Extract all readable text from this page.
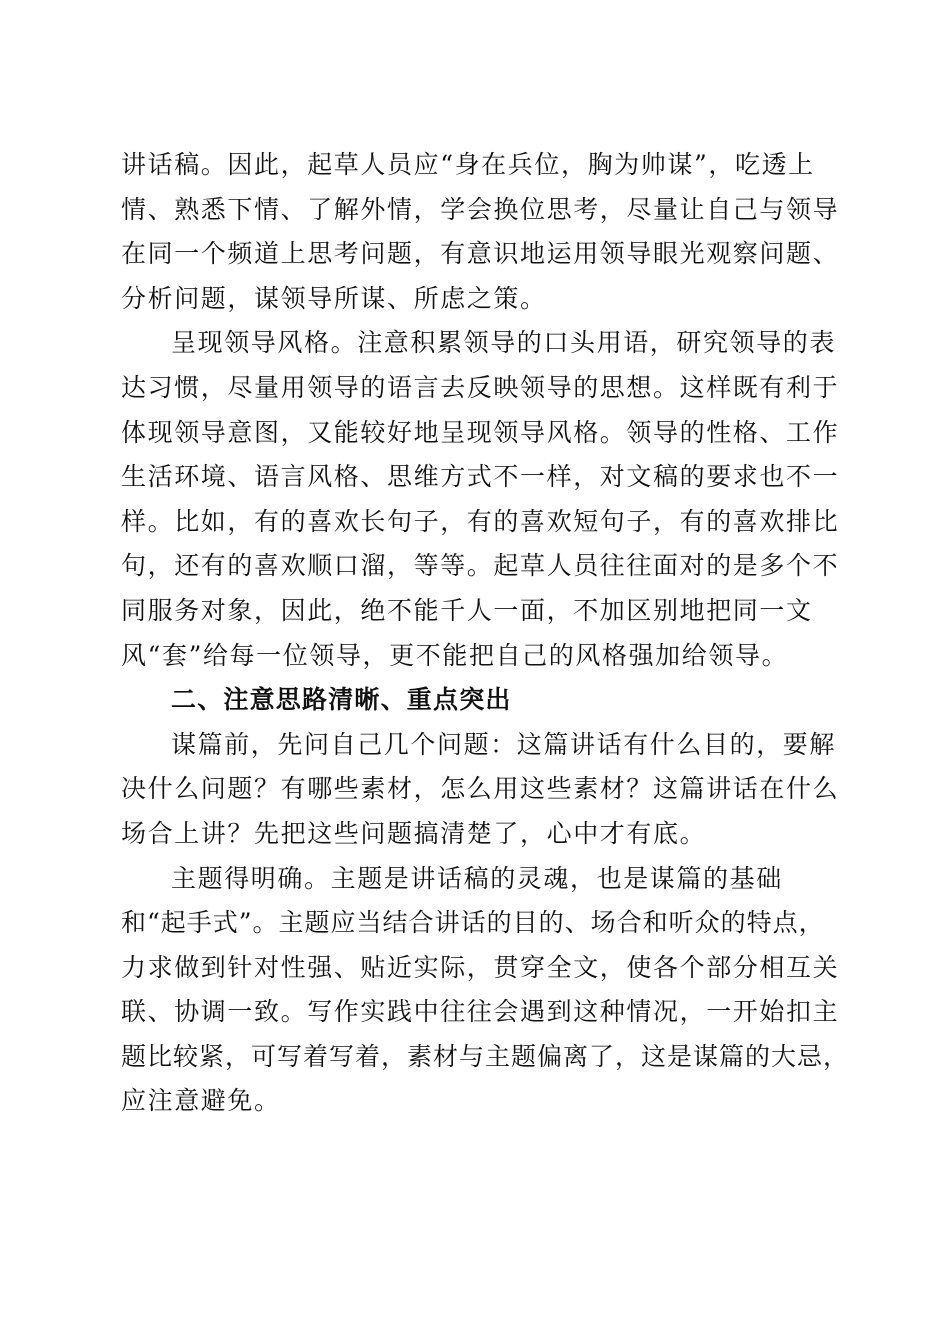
讲话稿。因此，起草人员应“身在兵位，胸为帅谋”，吃透上
情、熟悉下情、了解外情，学会换位思考，尽量让自己与领导
在同一个频道上思考问题，有意识地运用领导眼光观察问题、
分析问题，谋领导所谋、所虑之策。
呈现领导风格。注意积累领导的口头用语，研究领导的表
达习惯，尽量用领导的语言去反映领导的思想。这样既有利于
体现领导意图，又能较好地呈现领导风格。领导的性格、工作
生活环境、语言风格、思维方式不一样，对文稿的要求也不一
样。比如，有的喜欢长句子，有的喜欢短句子，有的喜欢排比
句，还有的喜欢顺口溜，等等。起草人员往往面对的是多个不
同服务对象，因此，绝不能千人一面，不加区别地把同一文
风“套”给每一位领导，更不能把自己的风格强加给领导。
二、注意思路清晰、重点突出
谋篇前，先问自己几个问题：这篇讲话有什么目的，要解
决什么问题？有哪些素材，怎么用这些素材？这篇讲话在什么
场合上讲？先把这些问题搞清楚了，心中才有底。
主题得明确。主题是讲话稿的灵魂，也是谋篇的基础
和“起手式”。主题应当结合讲话的目的、场合和听众的特点，
力求做到针对性强、贴近实际，贯穿全文，使各个部分相互关
联、协调一致。写作实践中往往会遇到这种情况，一开始扣主
题比较紧，可写着写着，素材与主题偏离了，这是谋篇的大忌，
应注意避免。
